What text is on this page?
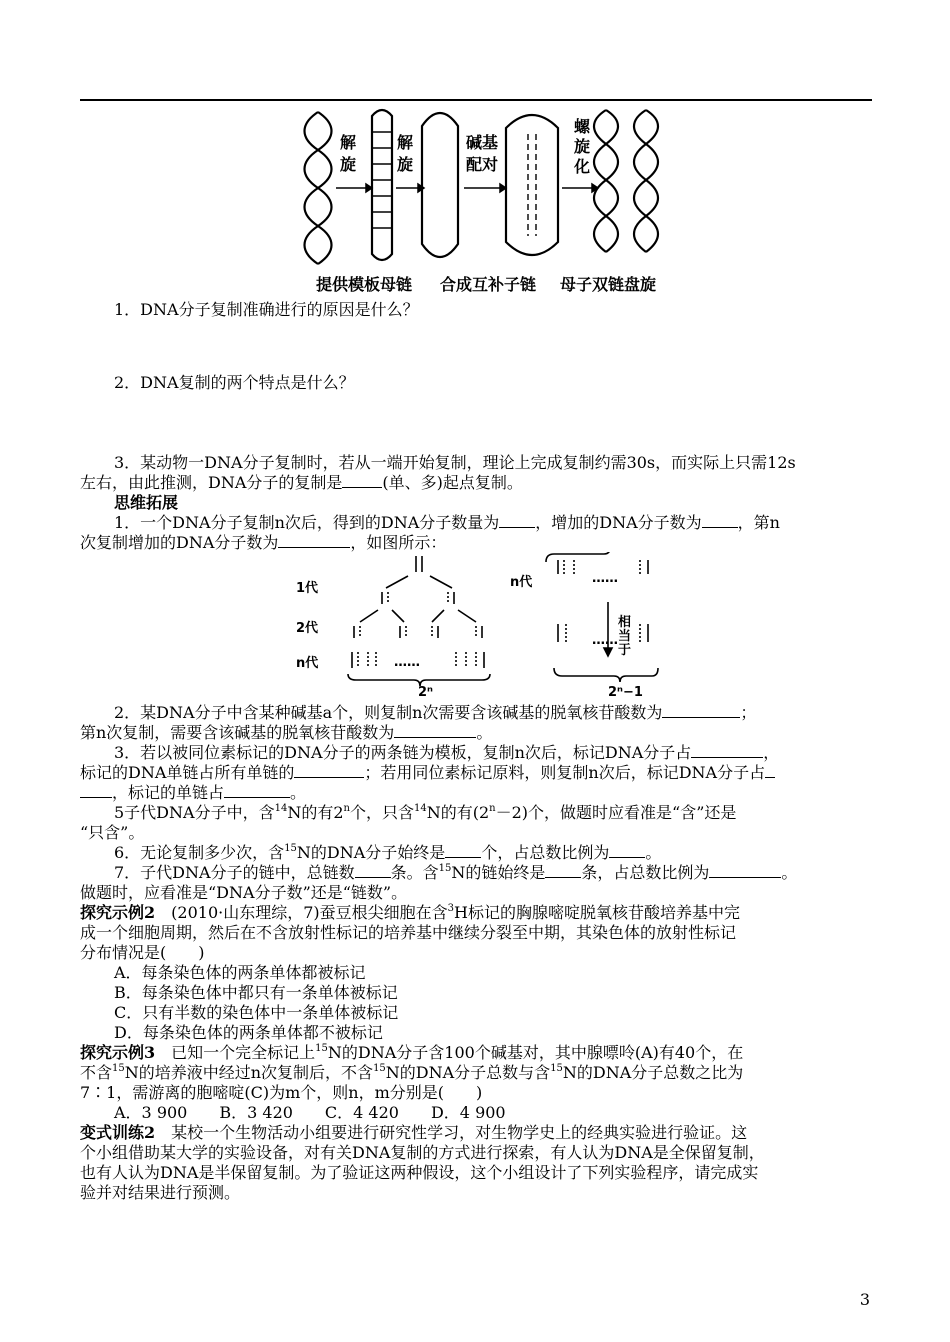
解
旋
解
旋
碱基
配对
螺
旋
化
提供模板母链 合成互补子链 母子双链盘旋
1．DNA分子复制准确进行的原因是什么？
2．DNA复制的两个特点是什么？
3．某动物一DNA分子复制时，若从一端开始复制，理论上完成复制约需30s，而实际上只需12s
左右，由此推测，DNA分子的复制是	(单、多)起点复制。
思维拓展
1．一个DNA分子复制n次后，得到的DNA分子数量为 ，增加的DNA分子数为 ，第n
次复制增加的DNA分子数为	，如图所示：
1代
2代
n代
n代
2ⁿ	2ⁿ−1
相
当
于
……
……
……
2．某DNA分子中含某种碱基a个，则复制n次需要含该碱基的脱氧核苷酸数为	；
第n次复制，需要含该碱基的脱氧核苷酸数为	。
3．若以被同位素标记的DNA分子的两条链为模板，复制n次后，标记DNA分子占	，
标记的DNA单链占所有单链的	；若用同位素标记原料，则复制n次后，标记DNA分子占
，标记的单链占	。
5子代DNA分子中，含$^{14}$N的有2$^n$个，只含$^{14}$N的有$(2^n-2)$个，做题时应看准是“含”还是
“只含”。
6．无论复制多少次，含$^{15}$N的DNA分子始终是 个，占总数比例为 。
7．子代DNA分子的链中，总链数 条。含$^{15}$N的链始终是 条，占总数比例为	。
做题时，应看准是“DNA分子数”还是“链数”。
探究示例2　 (2010·山东理综，7)蚕豆根尖细胞在含$^3$H标记的胸腺嘧啶脱氧核苷酸培养基中完
成一个细胞周期，然后在不含放射性标记的培养基中继续分裂至中期，其染色体的放射性标记
分布情况是(　　)
A．每条染色体的两条单体都被标记
B．每条染色体中都只有一条单体被标记
C．只有半数的染色体中一条单体被标记
D．每条染色体的两条单体都不被标记
探究示例3　 已知一个完全标记上$^{15}$N的DNA分子含100个碱基对，其中腺嘌呤(A)有40个，在
不含$^{15}$N的培养液中经过n次复制后，不含$^{15}$N的DNA分子总数与含$^{15}$N的DNA分子总数之比为
7∶1，需游离的胞嘧啶(C)为m个，则n，m分别是(　　)
A．3 900　　B．3 420　　C．4 420　　D．4 900
变式训练2　 某校一个生物活动小组要进行研究性学习，对生物学史上的经典实验进行验证。这
个小组借助某大学的实验设备，对有关DNA复制的方式进行探索，有人认为DNA是全保留复制，
也有人认为DNA是半保留复制。为了验证这两种假设，这个小组设计了下列实验程序，请完成实
验并对结果进行预测。
3
